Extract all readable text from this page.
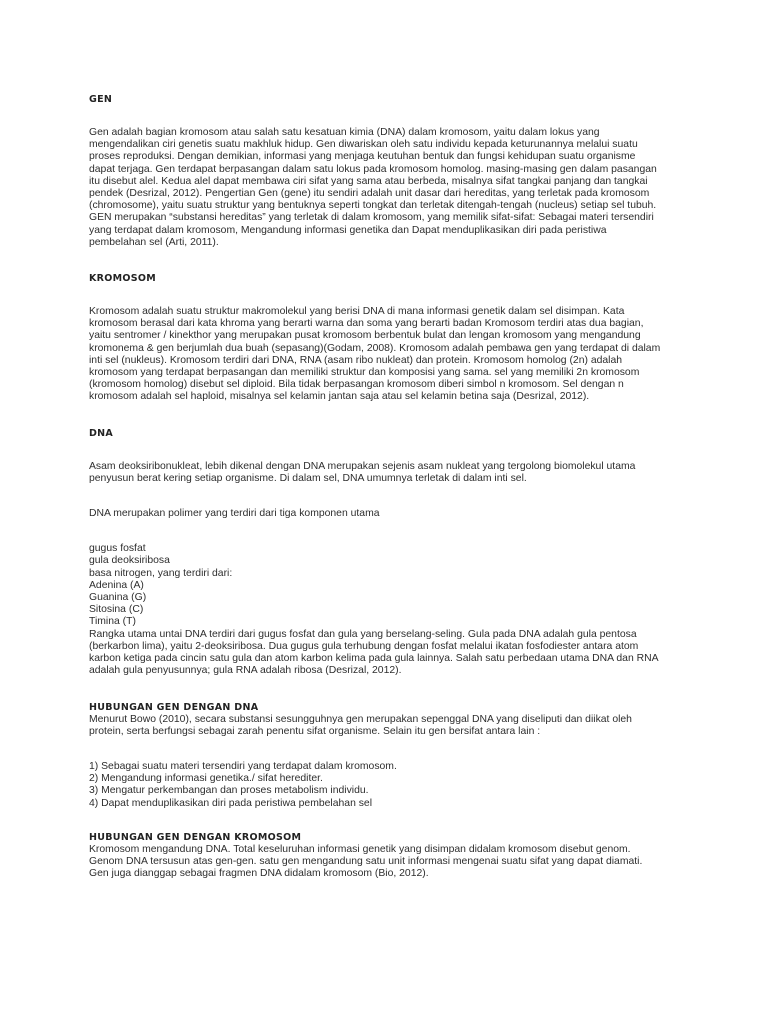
GEN

Gen adalah bagian kromosom atau salah satu kesatuan kimia (DNA) dalam kromosom, yaitu dalam lokus yang
mengendalikan ciri genetis suatu makhluk hidup. Gen diwariskan oleh satu individu kepada keturunannya melalui suatu
proses reproduksi. Dengan demikian, informasi yang menjaga keutuhan bentuk dan fungsi kehidupan suatu organisme
dapat terjaga. Gen terdapat berpasangan dalam satu lokus pada kromosom homolog. masing-masing gen dalam pasangan
itu disebut alel. Kedua alel dapat membawa ciri sifat yang sama atau berbeda, misalnya sifat tangkai panjang dan tangkai
pendek (Desrizal, 2012). Pengertian Gen (gene) itu sendiri adalah unit dasar dari hereditas, yang terletak pada kromosom
(chromosome), yaitu suatu struktur yang bentuknya seperti tongkat dan terletak ditengah-tengah (nucleus) setiap sel tubuh.
GEN merupakan “substansi hereditas” yang terletak di dalam kromosom, yang memilik sifat-sifat: Sebagai materi tersendiri
yang terdapat dalam kromosom, Mengandung informasi genetika dan Dapat menduplikasikan diri pada peristiwa
pembelahan sel (Arti, 2011).

KROMOSOM

Kromosom adalah suatu struktur makromolekul yang berisi DNA di mana informasi genetik dalam sel disimpan. Kata
kromosom berasal dari kata khroma yang berarti warna dan soma yang berarti badan Kromosom terdiri atas dua bagian,
yaitu sentromer / kinekthor yang merupakan pusat kromosom berbentuk bulat dan lengan kromosom yang mengandung
kromonema & gen berjumlah dua buah (sepasang)(Godam, 2008). Kromosom adalah pembawa gen yang terdapat di dalam
inti sel (nukleus). Kromosom terdiri dari DNA, RNA (asam ribo nukleat) dan protein. Kromosom homolog (2n) adalah
kromosom yang terdapat berpasangan dan memiliki struktur dan komposisi yang sama. sel yang memiliki 2n kromosom
(kromosom homolog) disebut sel diploid. Bila tidak berpasangan kromosom diberi simbol n kromosom. Sel dengan n
kromosom adalah sel haploid, misalnya sel kelamin jantan saja atau sel kelamin betina saja (Desrizal, 2012).

DNA

Asam deoksiribonukleat, lebih dikenal dengan DNA merupakan sejenis asam nukleat yang tergolong biomolekul utama
penyusun berat kering setiap organisme. Di dalam sel, DNA umumnya terletak di dalam inti sel.

DNA merupakan polimer yang terdiri dari tiga komponen utama

gugus fosfat

gula deoksiribosa

basa nitrogen, yang terdiri dari:

Adenina (A)

Guanina (G)

Sitosina (C)

Timina (T)

Rangka utama untai DNA terdiri dari gugus fosfat dan gula yang berselang-seling. Gula pada DNA adalah gula pentosa
(berkarbon lima), yaitu 2-deoksiribosa. Dua gugus gula terhubung dengan fosfat melalui ikatan fosfodiester antara atom
karbon ketiga pada cincin satu gula dan atom karbon kelima pada gula lainnya. Salah satu perbedaan utama DNA dan RNA
adalah gula penyusunnya; gula RNA adalah ribosa (Desrizal, 2012).

HUBUNGAN GEN DENGAN DNA

Menurut Bowo (2010), secara substansi sesungguhnya gen merupakan sepenggal DNA yang diseliputi dan diikat oleh
protein, serta berfungsi sebagai zarah penentu sifat organisme. Selain itu gen bersifat antara lain :

1) Sebagai suatu materi tersendiri yang terdapat dalam kromosom.

2) Mengandung informasi genetika./ sifat herediter.

3) Mengatur perkembangan dan proses metabolism individu.

4) Dapat menduplikasikan diri pada peristiwa pembelahan sel

HUBUNGAN GEN DENGAN KROMOSOM

Kromosom mengandung DNA. Total keseluruhan informasi genetik yang disimpan didalam kromosom disebut genom.
Genom DNA tersusun atas gen-gen. satu gen mengandung satu unit informasi mengenai suatu sifat yang dapat diamati.
Gen juga dianggap sebagai fragmen DNA didalam kromosom (Bio, 2012).
